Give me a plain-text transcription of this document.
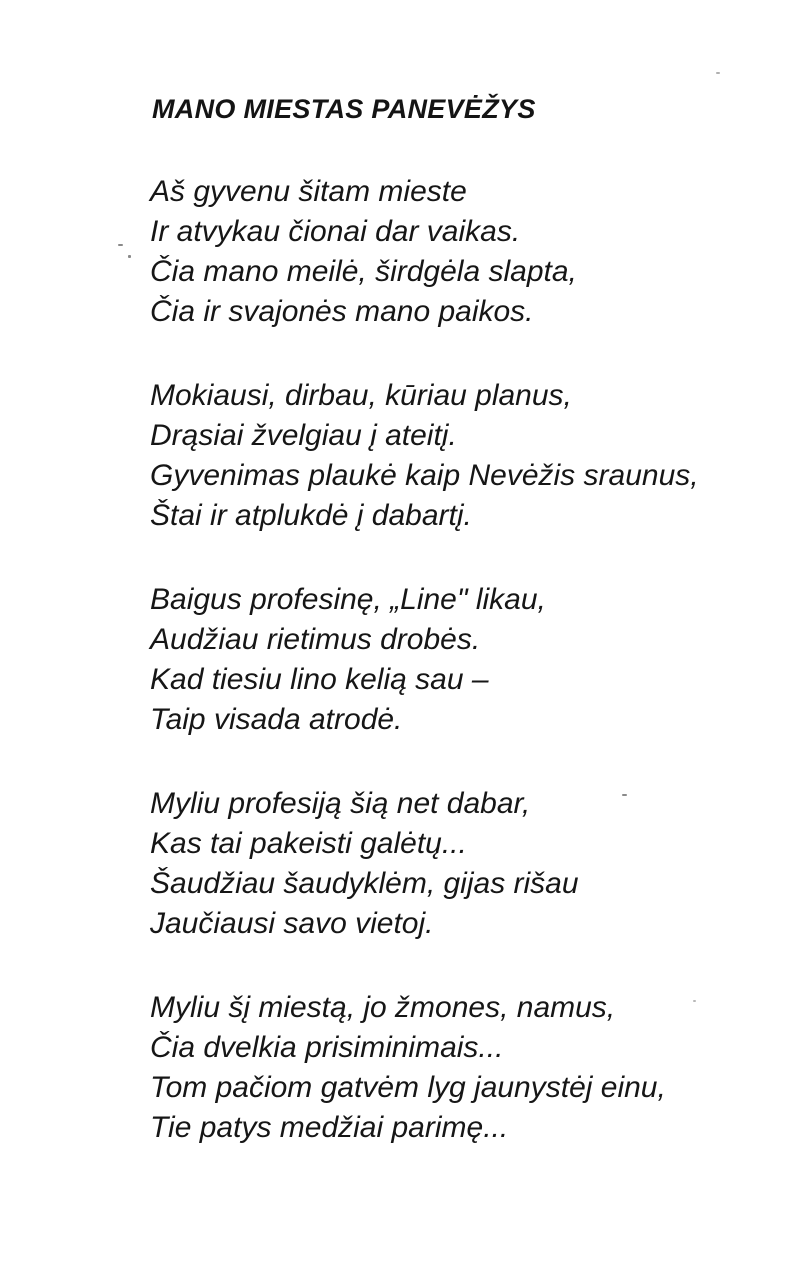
MANO MIESTAS PANEVĖŽYS
Aš gyvenu šitam mieste
Ir atvykau čionai dar vaikas.
Čia mano meilė, širdgėla slapta,
Čia ir svajonės mano paikos.
Mokiausi, dirbau, kūriau planus,
Drąsiai žvelgiau į ateitį.
Gyvenimas plaukė kaip Nevėžis sraunus,
Štai ir atplukdė į dabartį.
Baigus profesinę, „Line" likau,
Audžiau rietimus drobės.
Kad tiesiu lino kelią sau –
Taip visada atrodė.
Myliu profesiją šią net dabar,
Kas tai pakeisti galėtų...
Šaudžiau šaudyklėm, gijas rišau
Jaučiausi savo vietoj.
Myliu šį miestą, jo žmones, namus,
Čia dvelkia prisiminimais...
Tom pačiom gatvėm lyg jaunystėj einu,
Tie patys medžiai parimę...
